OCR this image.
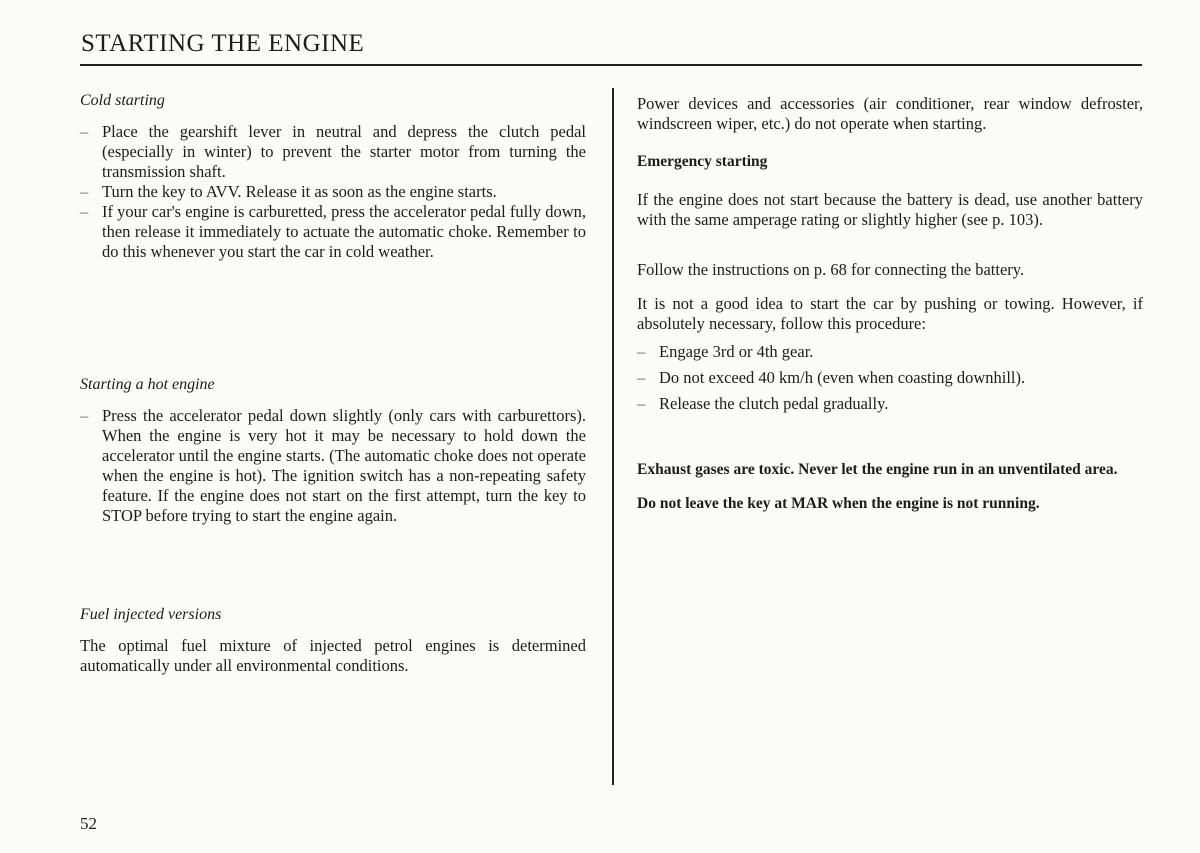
STARTING THE ENGINE
Cold starting
– Place the gearshift lever in neutral and depress the clutch pedal (especially in winter) to prevent the starter motor from turning the transmission shaft.
– Turn the key to AVV. Release it as soon as the engine starts.
– If your car's engine is carburetted, press the accelerator pedal fully down, then release it immediately to actuate the automatic choke. Remember to do this whenever you start the car in cold weather.
Starting a hot engine
– Press the accelerator pedal down slightly (only cars with carburettors). When the engine is very hot it may be necessary to hold down the accelerator until the engine starts. (The automatic choke does not operate when the engine is hot). The ignition switch has a non-repeating safety feature. If the engine does not start on the first attempt, turn the key to STOP before trying to start the engine again.
Fuel injected versions

The optimal fuel mixture of injected petrol engines is determined automatically under all environmental conditions.

Power devices and accessories (air conditioner, rear window defroster, windscreen wiper, etc.) do not operate when starting.

Emergency starting

If the engine does not start because the battery is dead, use another battery with the same amperage rating or slightly higher (see p. 103).

Follow the instructions on p. 68 for connecting the battery.

It is not a good idea to start the car by pushing or towing. However, if absolutely necessary, follow this procedure:

– Engage 3rd or 4th gear.
– Do not exceed 40 km/h (even when coasting downhill).
– Release the clutch pedal gradually.

Exhaust gases are toxic. Never let the engine run in an unventilated area.

Do not leave the key at MAR when the engine is not running.

52
